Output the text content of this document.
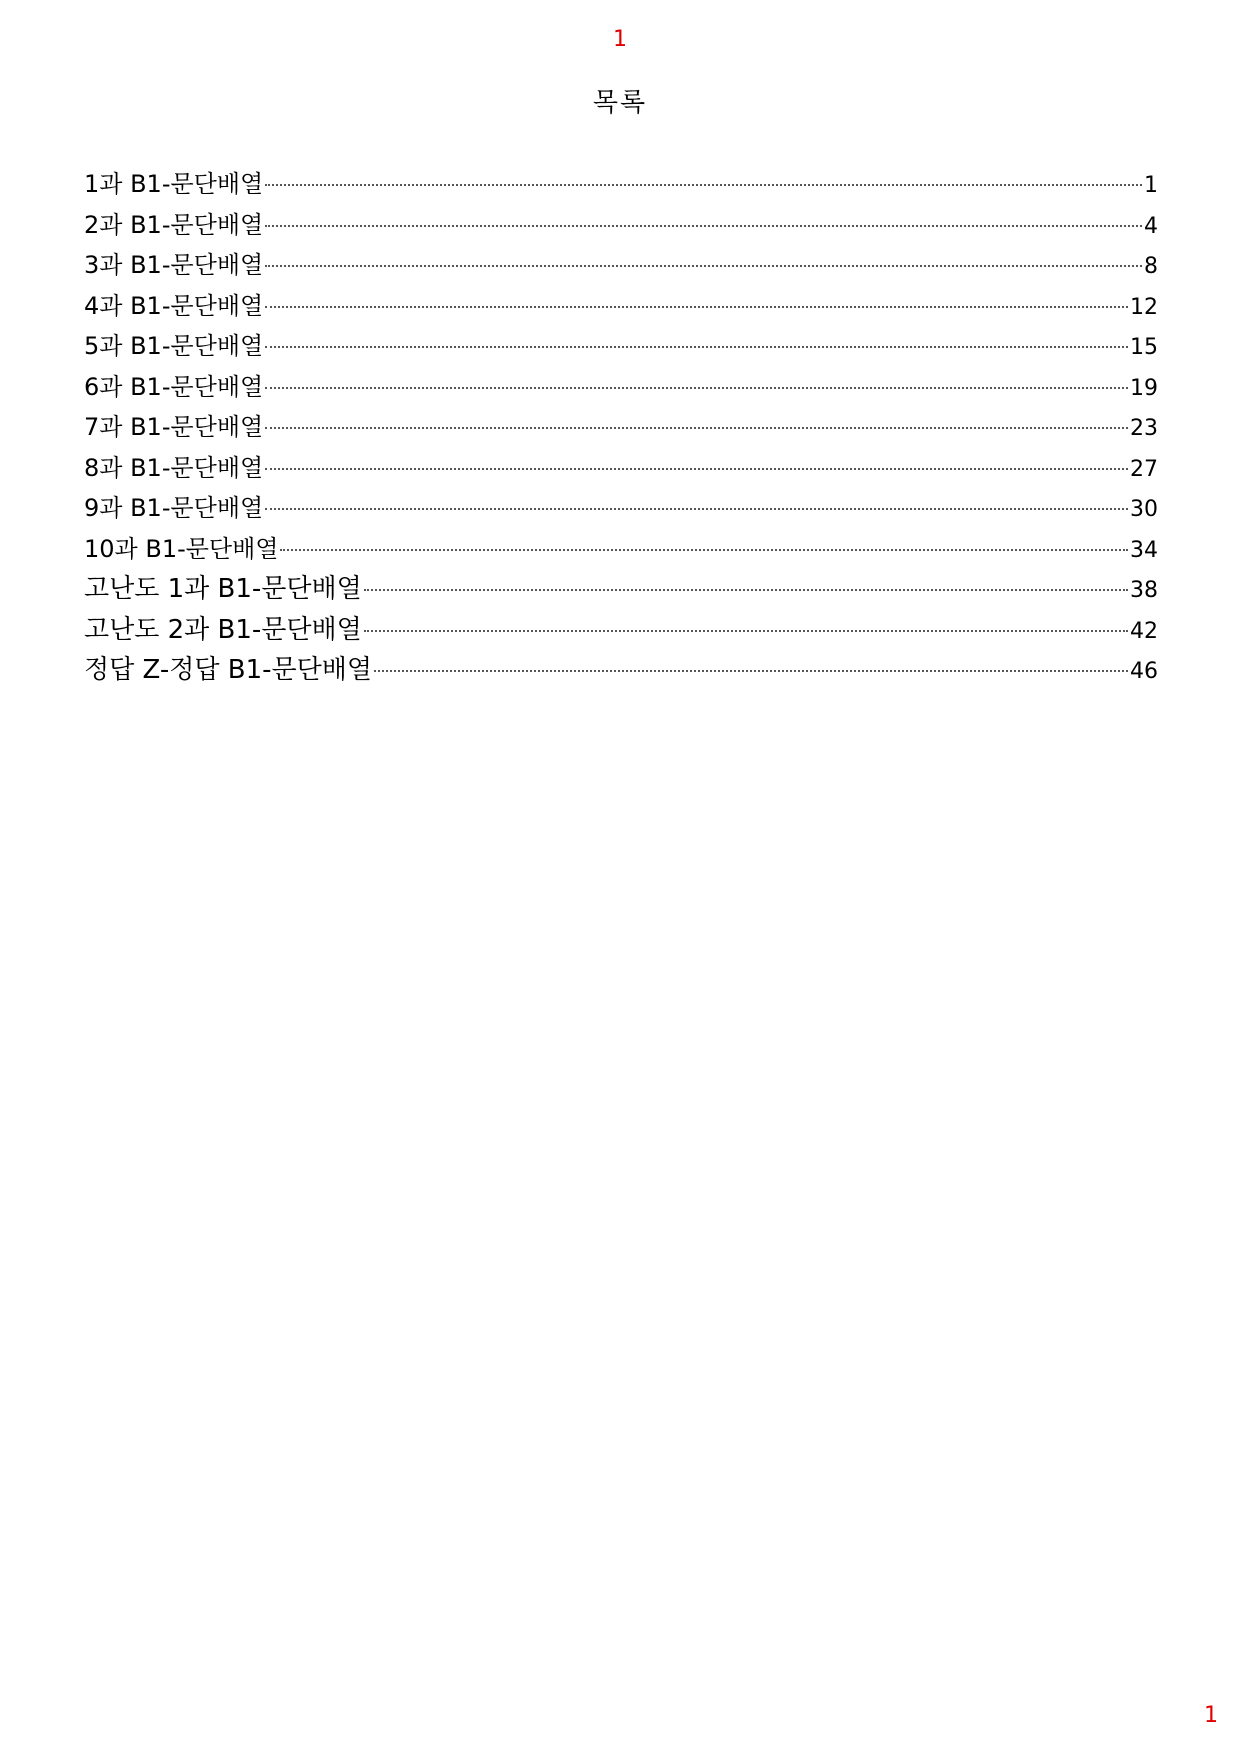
1
목록
1과 B1-문단배열	1
2과 B1-문단배열	4
3과 B1-문단배열	8
4과 B1-문단배열	12
5과 B1-문단배열	15
6과 B1-문단배열	19
7과 B1-문단배열	23
8과 B1-문단배열	27
9과 B1-문단배열	30
10과 B1-문단배열	34
고난도 1과 B1-문단배열	38
고난도 2과 B1-문단배열	42
정답 Z-정답 B1-문단배열	46
1
